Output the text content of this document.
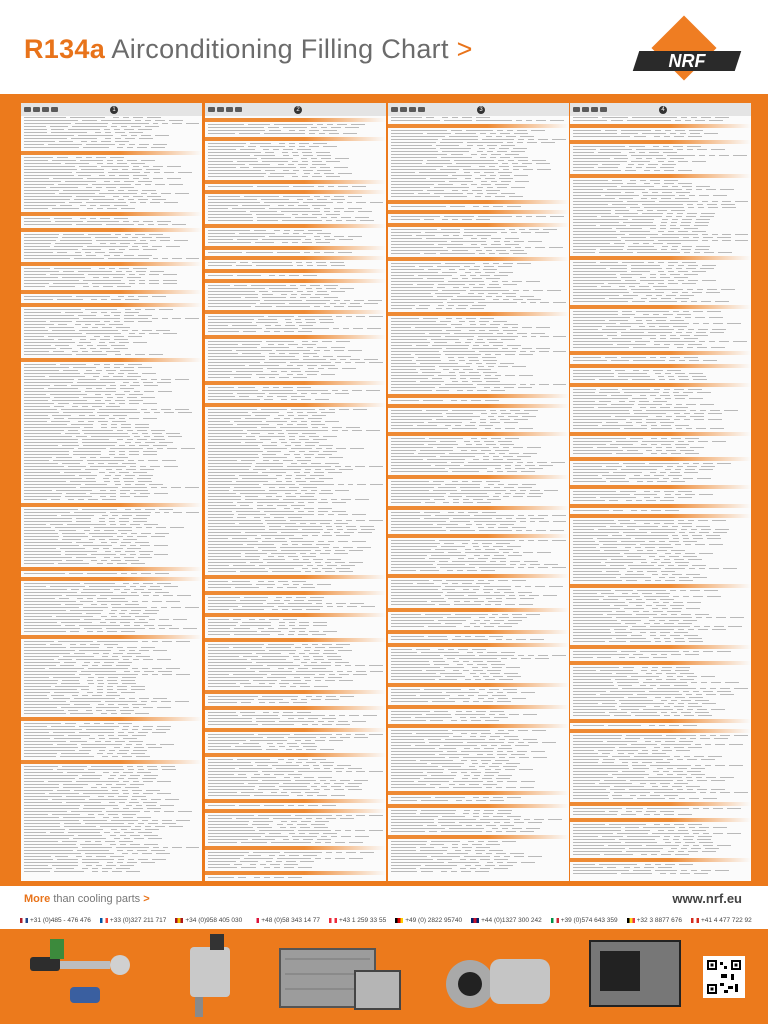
R134a Airconditioning Filling Chart >	NRF
1	2	3	4
More than cooling parts >	www.nrf.eu
+31 (0)485 - 476 476	+33 (0)327 211 717	+34 (0)958 405 030	+48 (0)58 343 14 77	+43 1 259 33 55	+49 (0) 2822 95740	+44 (0)1327 300 242	+39 (0)574 643 359	+32 3 8877 676	+41 4 477 722 92
